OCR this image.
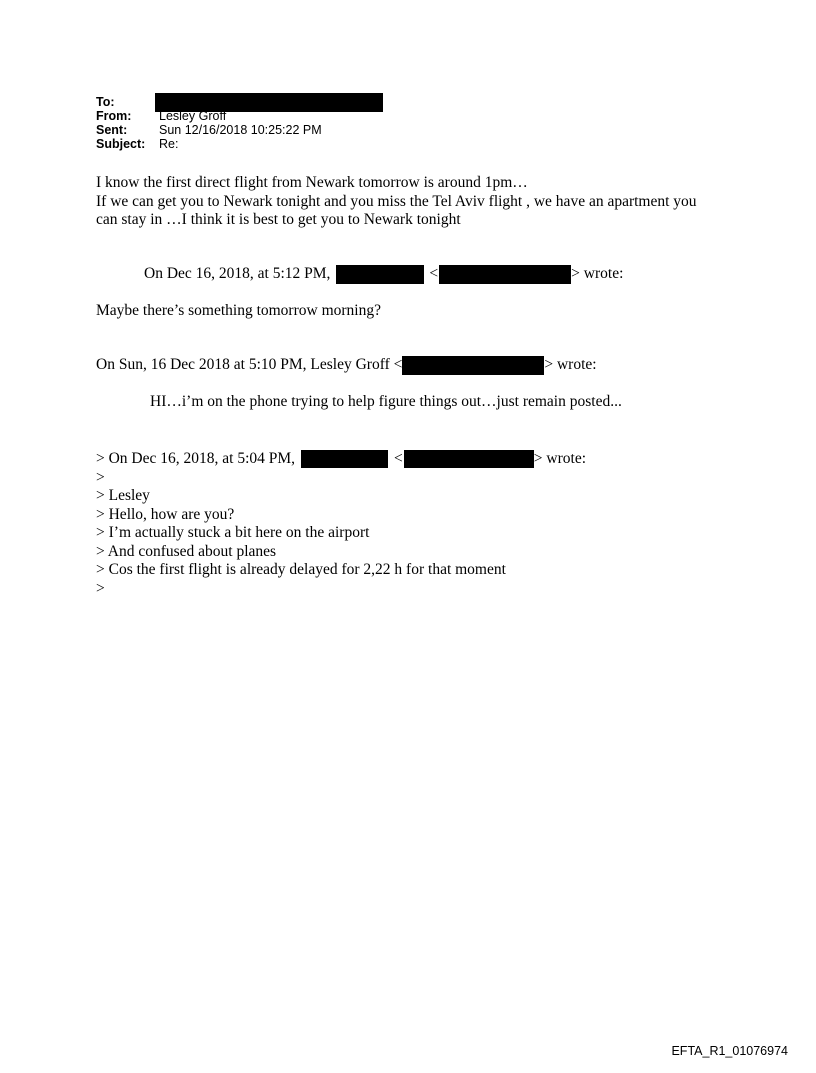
To:
From: Lesley Groff
Sent:	Sun 12/16/2018 10:25:22 PM
Subject: Re:
I know the first direct flight from Newark tomorrow is around 1pm…
If we can get you to Newark tonight and you miss the Tel Aviv flight , we have an apartment you
can stay in …I think it is best to get you to Newark tonight
On Dec 16, 2018, at 5:12 PM,	<	> wrote:
Maybe there’s something tomorrow morning?
On Sun, 16 Dec 2018 at 5:10 PM, Lesley Groff <	> wrote:
HI…i’m on the phone trying to help figure things out…just remain posted...
> On Dec 16, 2018, at 5:04 PM,	<	> wrote:
>
> Lesley
> Hello, how are you?
> I’m actually stuck a bit here on the airport
> And confused about planes
> Cos the first flight is already delayed for 2,22 h for that moment
>
EFTA_R1_01076974
